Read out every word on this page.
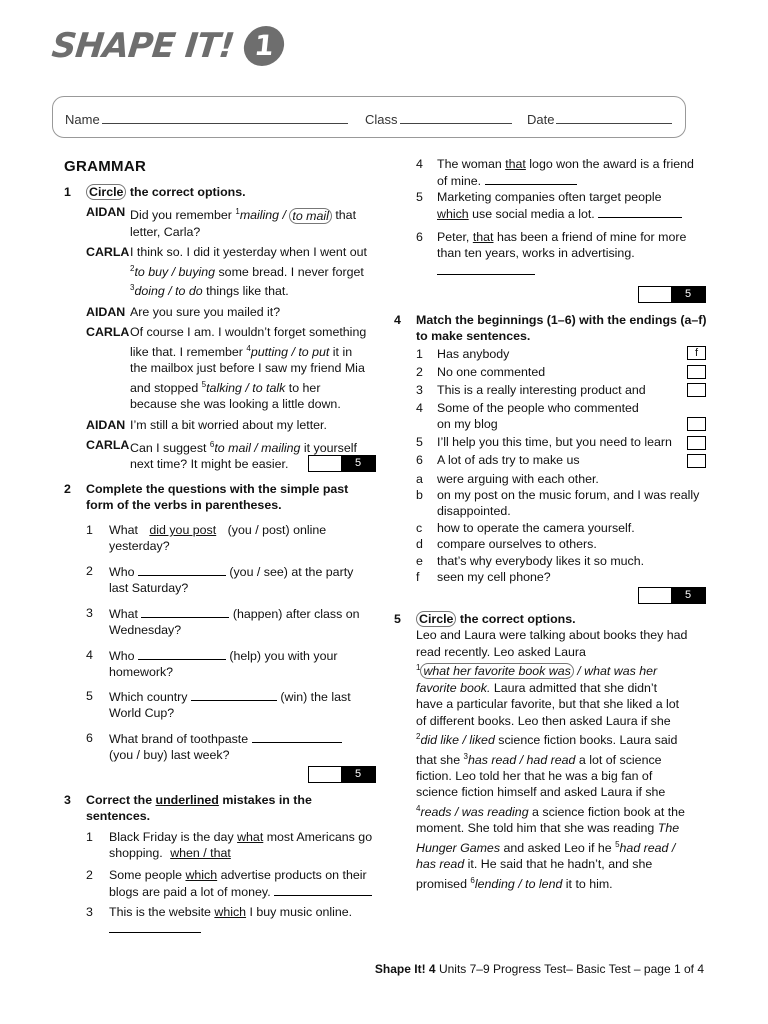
SHAPE IT! 1
Name	Class	Date
GRAMMAR
1 Circle the correct options.
AIDAN Did you remember $^1$mailing / to mail that
letter, Carla?
CARLA I think so. I did it yesterday when I went out
$^2$to buy / buying some bread. I never forget
$^3$doing / to do things like that.
AIDAN Are you sure you mailed it?
CARLA Of course I am. I wouldn’t forget something
like that. I remember $^4$putting / to put it in
the mailbox just before I saw my friend Mia
and stopped $^5$talking / to talk to her
because she was looking a little down.
AIDAN I’m still a bit worried about my letter.
CARLA Can I suggest $^6$to mail / mailing it yourself
next time? It might be easier.	5
2 Complete the questions with the simple past
form of the verbs in parentheses.
1	What did you post (you / post) online
yesterday?
2	Who	(you / see) at the party
last Saturday?
3	What	(happen) after class on
Wednesday?
4	Who	(help) you with your
homework?
5	Which country	(win) the last
World Cup?
6	What brand of toothpaste
(you / buy) last week?
5
3 Correct the underlined mistakes in the
sentences.
1	Black Friday is the day what most Americans go
shopping. when / that
2	Some people which advertise products on their
blogs are paid a lot of money.
3	This is the website which I buy music online.

4	The woman that logo won the award is a friend
of mine.
5	Marketing companies often target people
which use social media a lot.
6	Peter, that has been a friend of mine for more
than ten years, works in advertising.

5
4 Match the beginnings (1–6) with the endings (a–f)
to make sentences.
1	Has anybody	f
2	No one commented
3	This is a really interesting product and
4	Some of the people who commented
on my blog
5	I’ll help you this time, but you need to learn
6	A lot of ads try to make us
a	were arguing with each other.
b	on my post on the music forum, and I was really
disappointed.
c	how to operate the camera yourself.
d	compare ourselves to others.
e	that’s why everybody likes it so much.
f	seen my cell phone?
5
5 Circle the correct options.
Leo and Laura were talking about books they had
read recently. Leo asked Laura
$^1$ what her favorite book was / what was her
favorite book. Laura admitted that she didn’t
have a particular favorite, but that she liked a lot
of different books. Leo then asked Laura if she
$^2$did like / liked science fiction books. Laura said
that she $^3$has read / had read a lot of science
fiction. Leo told her that he was a big fan of
science fiction himself and asked Laura if she
$^4$reads / was reading a science fiction book at the
moment. She told him that she was reading The
Hunger Games and asked Leo if he $^5$had read /
has read it. He said that he hadn’t, and she
promised $^6$lending / to lend it to him.
Shape It! 4 Units 7–9 Progress Test– Basic Test – page 1 of 4
